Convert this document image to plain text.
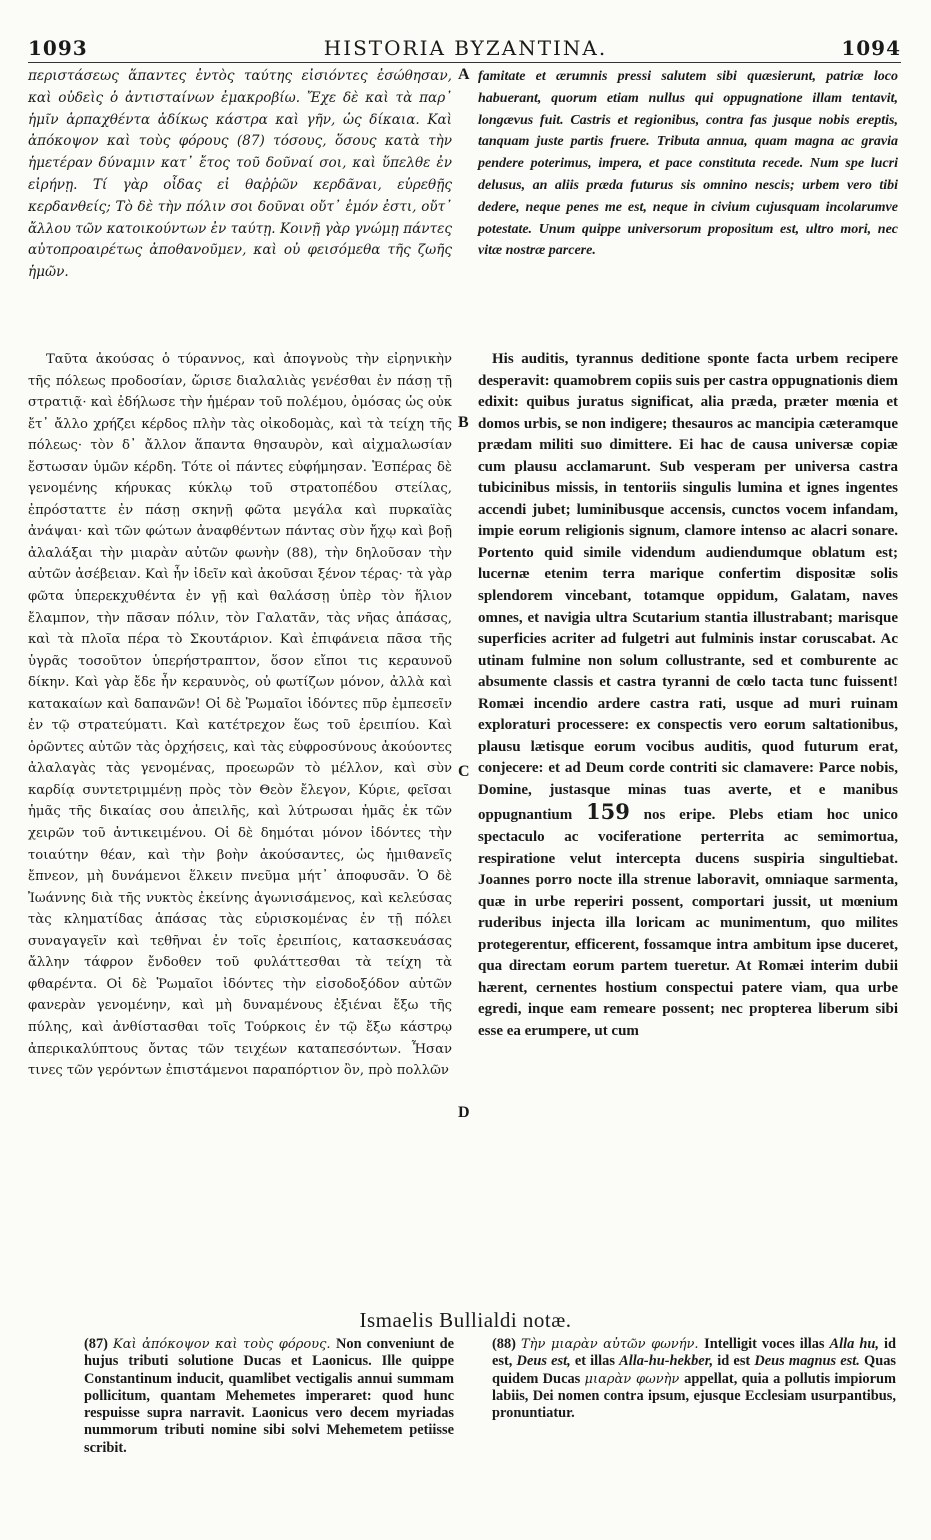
1093	HISTORIA BYZANTINA.	1094
περιστάσεως ἅπαντες ἐντὸς ταύτης εἰσιόντες ἐσώθησαν, καὶ οὐδεὶς ὁ ἀντισταίνων ἐμακροβίω. Ἔχε δὲ καὶ τὰ παρ᾽ ἡμῖν ἁρπαχθέντα ἀδίκως κάστρα καὶ γῆν, ὡς δίκαια. Καὶ ἀπόκοψον καὶ τοὺς φόρους (87) τόσους, ὅσους κατὰ τὴν ἡμετέραν δύναμιν κατ᾽ ἔτος τοῦ δοῦναί σοι, καὶ ὕπελθε ἐν εἰρήνῃ. Τί γὰρ οἶδας εἰ θαῤῥῶν κερδᾶναι, εὑρεθῇς κερδανθείς; Τὸ δὲ τὴν πόλιν σοι δοῦναι οὔτ᾽ ἐμόν ἐστι, οὔτ᾽ ἄλλου τῶν κατοικούντων ἐν ταύτῃ. Κοινῇ γὰρ γνώμῃ πάντες αὐτοπροαιρέτως ἀποθανοῦμεν, καὶ οὐ φεισόμεθα τῆς ζωῆς ἡμῶν.
Ταῦτα ἀκούσας ὁ τύραννος, καὶ ἀπογνοὺς τὴν εἰρηνικὴν τῆς πόλεως προδοσίαν, ὥρισε διαλαλιὰς γενέσθαι ἐν πάσῃ τῇ στρατιᾷ· καὶ ἐδήλωσε τὴν ἡμέραν τοῦ πολέμου, ὀμόσας ὡς οὐκ ἔτ᾽ ἄλλο χρήζει κέρδος πλὴν τὰς οἰκοδομὰς, καὶ τὰ τείχη τῆς πόλεως· τὸν δ᾽ ἄλλον ἅπαντα θησαυρὸν, καὶ αἰχμαλωσίαν ἔστωσαν ὑμῶν κέρδη. Τότε οἱ πάντες εὐφήμησαν. Ἑσπέρας δὲ γενομένης κήρυκας κύκλῳ τοῦ στρατοπέδου στείλας, ἐπρόσταττε ἐν πάσῃ σκηνῇ φῶτα μεγάλα καὶ πυρκαϊὰς ἀνάψαι· καὶ τῶν φώτων ἀναφθέντων πάντας σὺν ἤχῳ καὶ βοῇ ἀλαλάξαι τὴν μιαρὰν αὐτῶν φωνὴν (88), τὴν δηλοῦσαν τὴν αὐτῶν ἀσέβειαν. Καὶ ἦν ἰδεῖν καὶ ἀκοῦσαι ξένον τέρας· τὰ γὰρ φῶτα ὑπερεκχυθέντα ἐν γῇ καὶ θαλάσσῃ ὑπὲρ τὸν ἥλιον ἔλαμπον, τὴν πᾶσαν πόλιν, τὸν Γαλατᾶν, τὰς νῆας ἁπάσας, καὶ τὰ πλοῖα πέρα τὸ Σκουτάριον. Καὶ ἐπιφάνεια πᾶσα τῆς ὑγρᾶς τοσοῦτον ὑπερήστραπτον, ὅσον εἴποι τις κεραυνοῦ δίκην. Καὶ γὰρ ἔδε ἦν κεραυνὸς, οὐ φωτίζων μόνον, ἀλλὰ καὶ κατακαίων καὶ δαπανῶν! Οἱ δὲ Ῥωμαῖοι ἰδόντες πῦρ ἐμπεσεῖν ἐν τῷ στρατεύματι. Καὶ κατέτρεχον ἕως τοῦ ἐρειπίου. Καὶ ὁρῶντες αὐτῶν τὰς ὀρχήσεις, καὶ τὰς εὐφροσύνους ἀκούοντες ἀλαλαγὰς τὰς γενομένας, προεωρῶν τὸ μέλλον, καὶ σὺν καρδίᾳ συντετριμμένῃ πρὸς τὸν Θεὸν ἔλεγον, Κύριε, φεῖσαι ἡμᾶς τῆς δικαίας σου ἀπειλῆς, καὶ λύτρωσαι ἡμᾶς ἐκ τῶν χειρῶν τοῦ ἀντικειμένου. Οἱ δὲ δημόται μόνον ἰδόντες τὴν τοιαύτην θέαν, καὶ τὴν βοὴν ἀκούσαντες, ὡς ἡμιθανεῖς ἔπνεον, μὴ δυνάμενοι ἕλκειν πνεῦμα μήτ᾽ ἀποφυσᾶν. Ὁ δὲ Ἰωάννης διὰ τῆς νυκτὸς ἐκείνης ἀγωνισάμενος, καὶ κελεύσας τὰς κληματίδας ἁπάσας τὰς εὑρισκομένας ἐν τῇ πόλει συναγαγεῖν καὶ τεθῆναι ἐν τοῖς ἐρειπίοις, κατασκευάσας ἄλλην τάφρον ἔνδοθεν τοῦ φυλάττεσθαι τὰ τείχη τὰ φθαρέντα. Οἱ δὲ Ῥωμαῖοι ἰδόντες τὴν εἰσοδοξόδον αὐτῶν φανερὰν γενομένην, καὶ μὴ δυναμένους ἐξιέναι ἔξω τῆς πύλης, καὶ ἀνθίστασθαι τοῖς Τούρκοις ἐν τῷ ἔξω κάστρῳ ἀπερικαλύπτους ὄντας τῶν τειχέων καταπεσόντων. Ἦσαν τινες τῶν γερόντων ἐπιστάμενοι παραπόρτιον ὂν, πρὸ πολλῶν
famitate et ærumnis pressi salutem sibi quæsierunt, patriæ loco habuerant, quorum etiam nullus qui oppugnatione illam tentavit, longævus fuit. Castris et regionibus, contra fas jusque nobis ereptis, tanquam juste partis fruere. Tributa annua, quam magna ac gravia pendere poterimus, impera, et pace constituta recede. Num spe lucri delusus, an aliis præda futurus sis omnino nescis; urbem vero tibi dedere, neque penes me est, neque in civium cujusquam incolarumve potestate. Unum quippe universorum propositum est, ultro mori, nec vitæ nostræ parcere.
His auditis, tyrannus deditione sponte facta urbem recipere desperavit: quamobrem copiis suis per castra oppugnationis diem edixit: quibus juratus significat, alia præda, præter mœnia et domos urbis, se non indigere; thesauros ac mancipia cæteramque prædam militi suo dimittere. Ei hac de causa universæ copiæ cum plausu acclamarunt. Sub vesperam per universa castra tubicinibus missis, in tentoriis singulis lumina et ignes ingentes accendi jubet; luminibusque accensis, cunctos vocem infandam, impie eorum religionis signum, clamore intenso ac alacri sonare. Portento quid simile videndum audiendumque oblatum est; lucernæ etenim terra marique confertim dispositæ solis splendorem vincebant, totamque oppidum, Galatam, naves omnes, et navigia ultra Scutarium stantia illustrabant; marisque superficies acriter ad fulgetri aut fulminis instar coruscabat. Ac utinam fulmine non solum collustrante, sed et comburente ac absumente classis et castra tyranni de cœlo tacta tunc fuissent! Romæi incendio ardere castra rati, usque ad muri ruinam exploraturi processere: ex conspectis vero eorum saltationibus, plausu lætisque eorum vocibus auditis, quod futurum erat, conjecere: et ad Deum corde contriti sic clamavere: Parce nobis, Domine, justasque minas tuas averte, et e manibus oppugnantium 159 nos eripe. Plebs etiam hoc unico spectaculo ac vociferatione perterrita ac semimortua, respiratione velut intercepta ducens suspiria singultiebat. Joannes porro nocte illa strenue laboravit, omniaque sarmenta, quæ in urbe reperiri possent, comportari jussit, ut mœnium ruderibus injecta illa loricam ac munimentum, quo milites protegerentur, efficerent, fossamque intra ambitum ipse duceret, qua directam eorum partem tueretur. At Romæi interim dubii hærent, cernentes hostium conspectui patere viam, qua urbe egredi, inque eam remeare possent; nec propterea liberum sibi esse ea erumpere, ut cum
A
B
C
D
Ismaelis Bullialdi notæ.
(87) Καὶ ἀπόκοψον καὶ τοὺς φόρους. Non conveniunt de hujus tributi solutione Ducas et Laonicus. Ille quippe Constantinum inducit, quamlibet vectigalis annui summam pollicitum, quantam Mehemetes imperaret: quod hunc respuisse supra narravit. Laonicus vero decem myriadas nummorum tributi nomine sibi solvi Mehemetem petiisse scribit.
(88) Τὴν μιαρὰν αὐτῶν φωνήν. Intelligit voces illas Alla hu, id est, Deus est, et illas Alla-hu-hekber, id est Deus magnus est. Quas quidem Ducas μιαρὰν φωνὴν appellat, quia a pollutis impiorum labiis, Dei nomen contra ipsum, ejusque Ecclesiam usurpantibus, pronuntiatur.
